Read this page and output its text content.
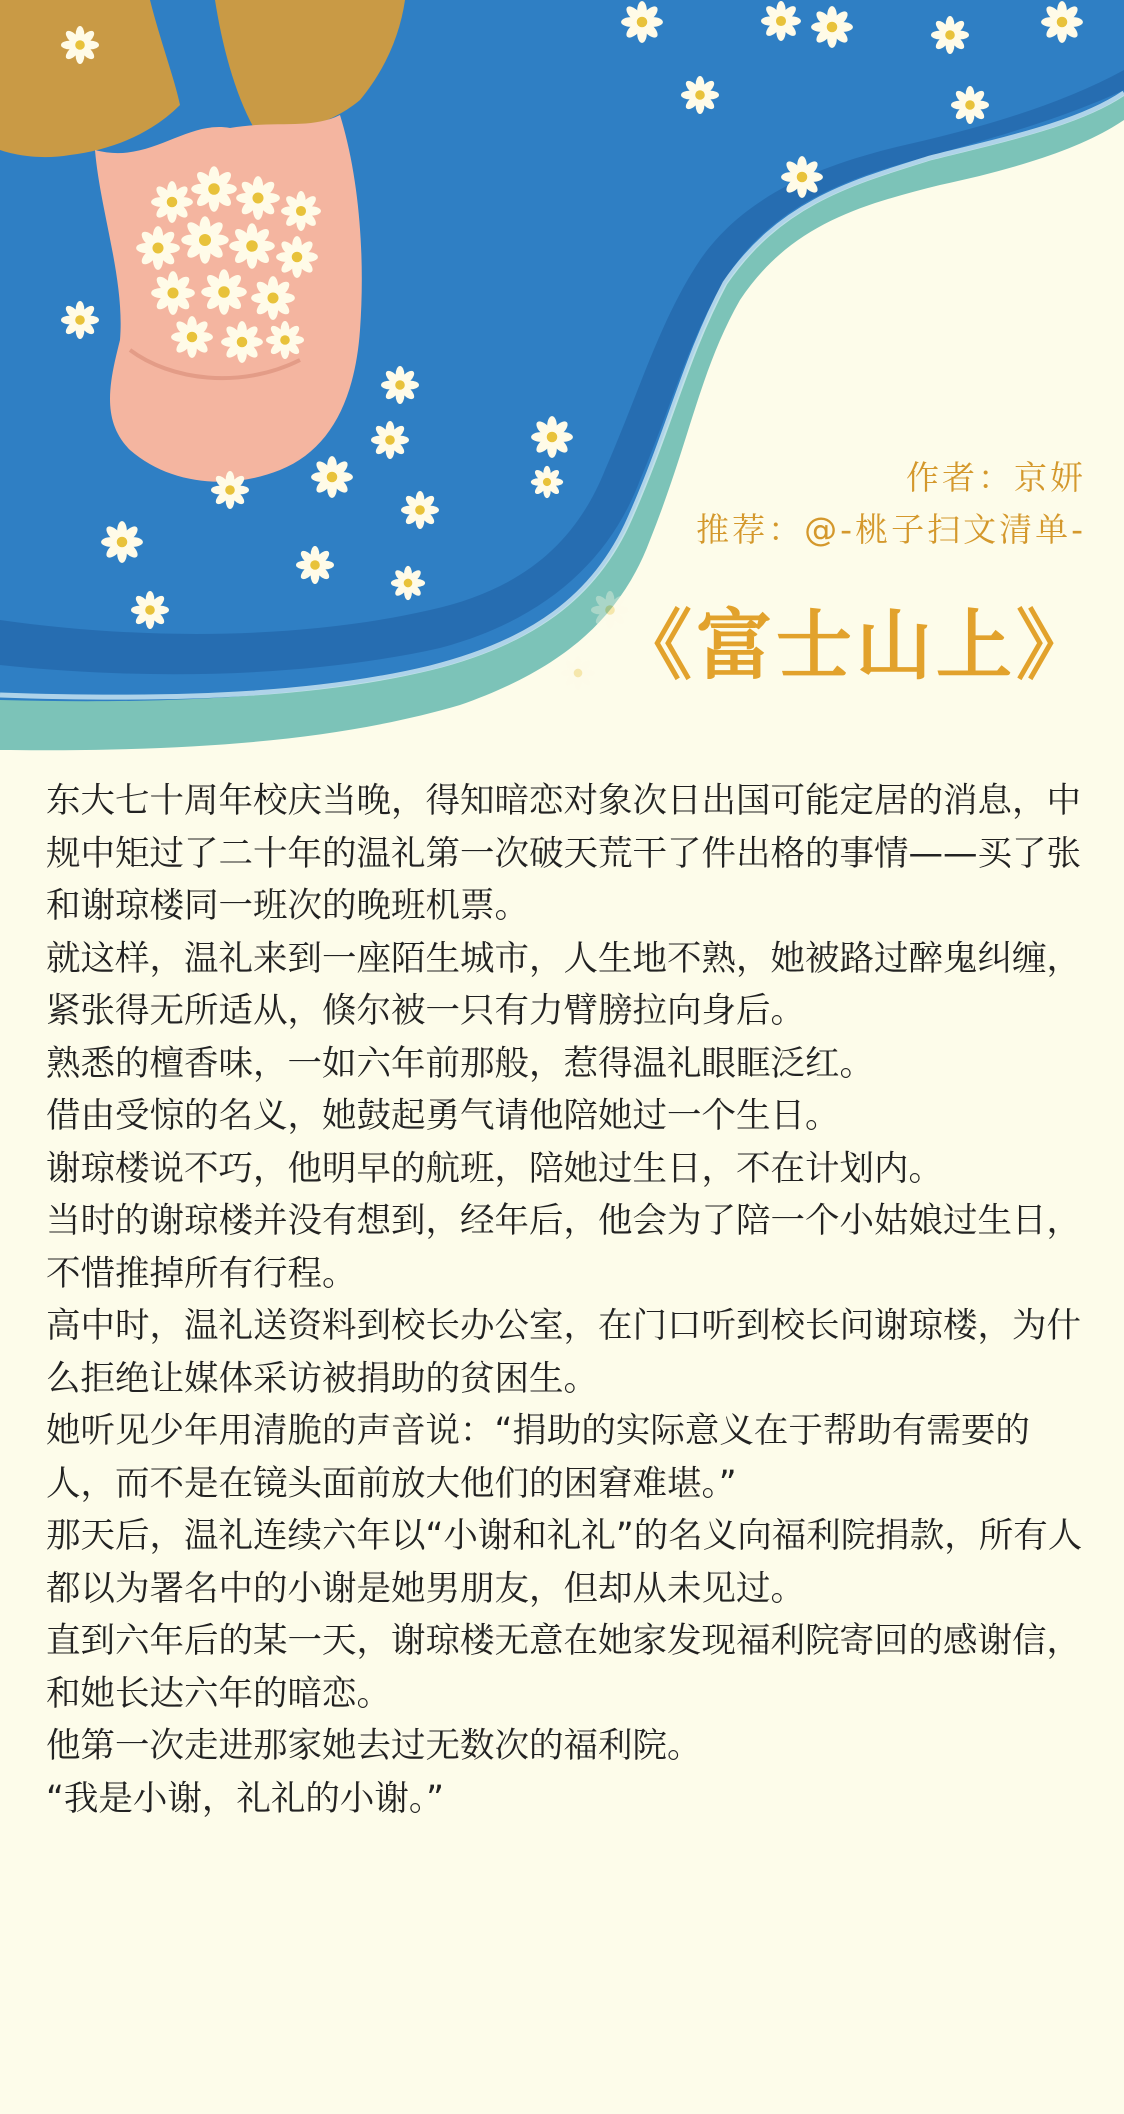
作者：京妍
推荐：@-桃子扫文清单-
《富士山上》

东大七十周年校庆当晚，得知暗恋对象次日出国可能定居的消息，中规中矩过了二十年的温礼第一次破天荒干了件出格的事情——买了张和谢琼楼同一班次的晚班机票。

就这样，温礼来到一座陌生城市，人生地不熟，她被路过醉鬼纠缠，紧张得无所适从，倏尔被一只有力臂膀拉向身后。

熟悉的檀香味，一如六年前那般，惹得温礼眼眶泛红。

借由受惊的名义，她鼓起勇气请他陪她过一个生日。

谢琼楼说不巧，他明早的航班，陪她过生日，不在计划内。

当时的谢琼楼并没有想到，经年后，他会为了陪一个小姑娘过生日，不惜推掉所有行程。

高中时，温礼送资料到校长办公室，在门口听到校长问谢琼楼，为什么拒绝让媒体采访被捐助的贫困生。

她听见少年用清脆的声音说：“捐助的实际意义在于帮助有需要的人，而不是在镜头面前放大他们的困窘难堪。”

那天后，温礼连续六年以“小谢和礼礼”的名义向福利院捐款，所有人都以为署名中的小谢是她男朋友，但却从未见过。

直到六年后的某一天，谢琼楼无意在她家发现福利院寄回的感谢信，和她长达六年的暗恋。

他第一次走进那家她去过无数次的福利院。

“我是小谢，礼礼的小谢。”
